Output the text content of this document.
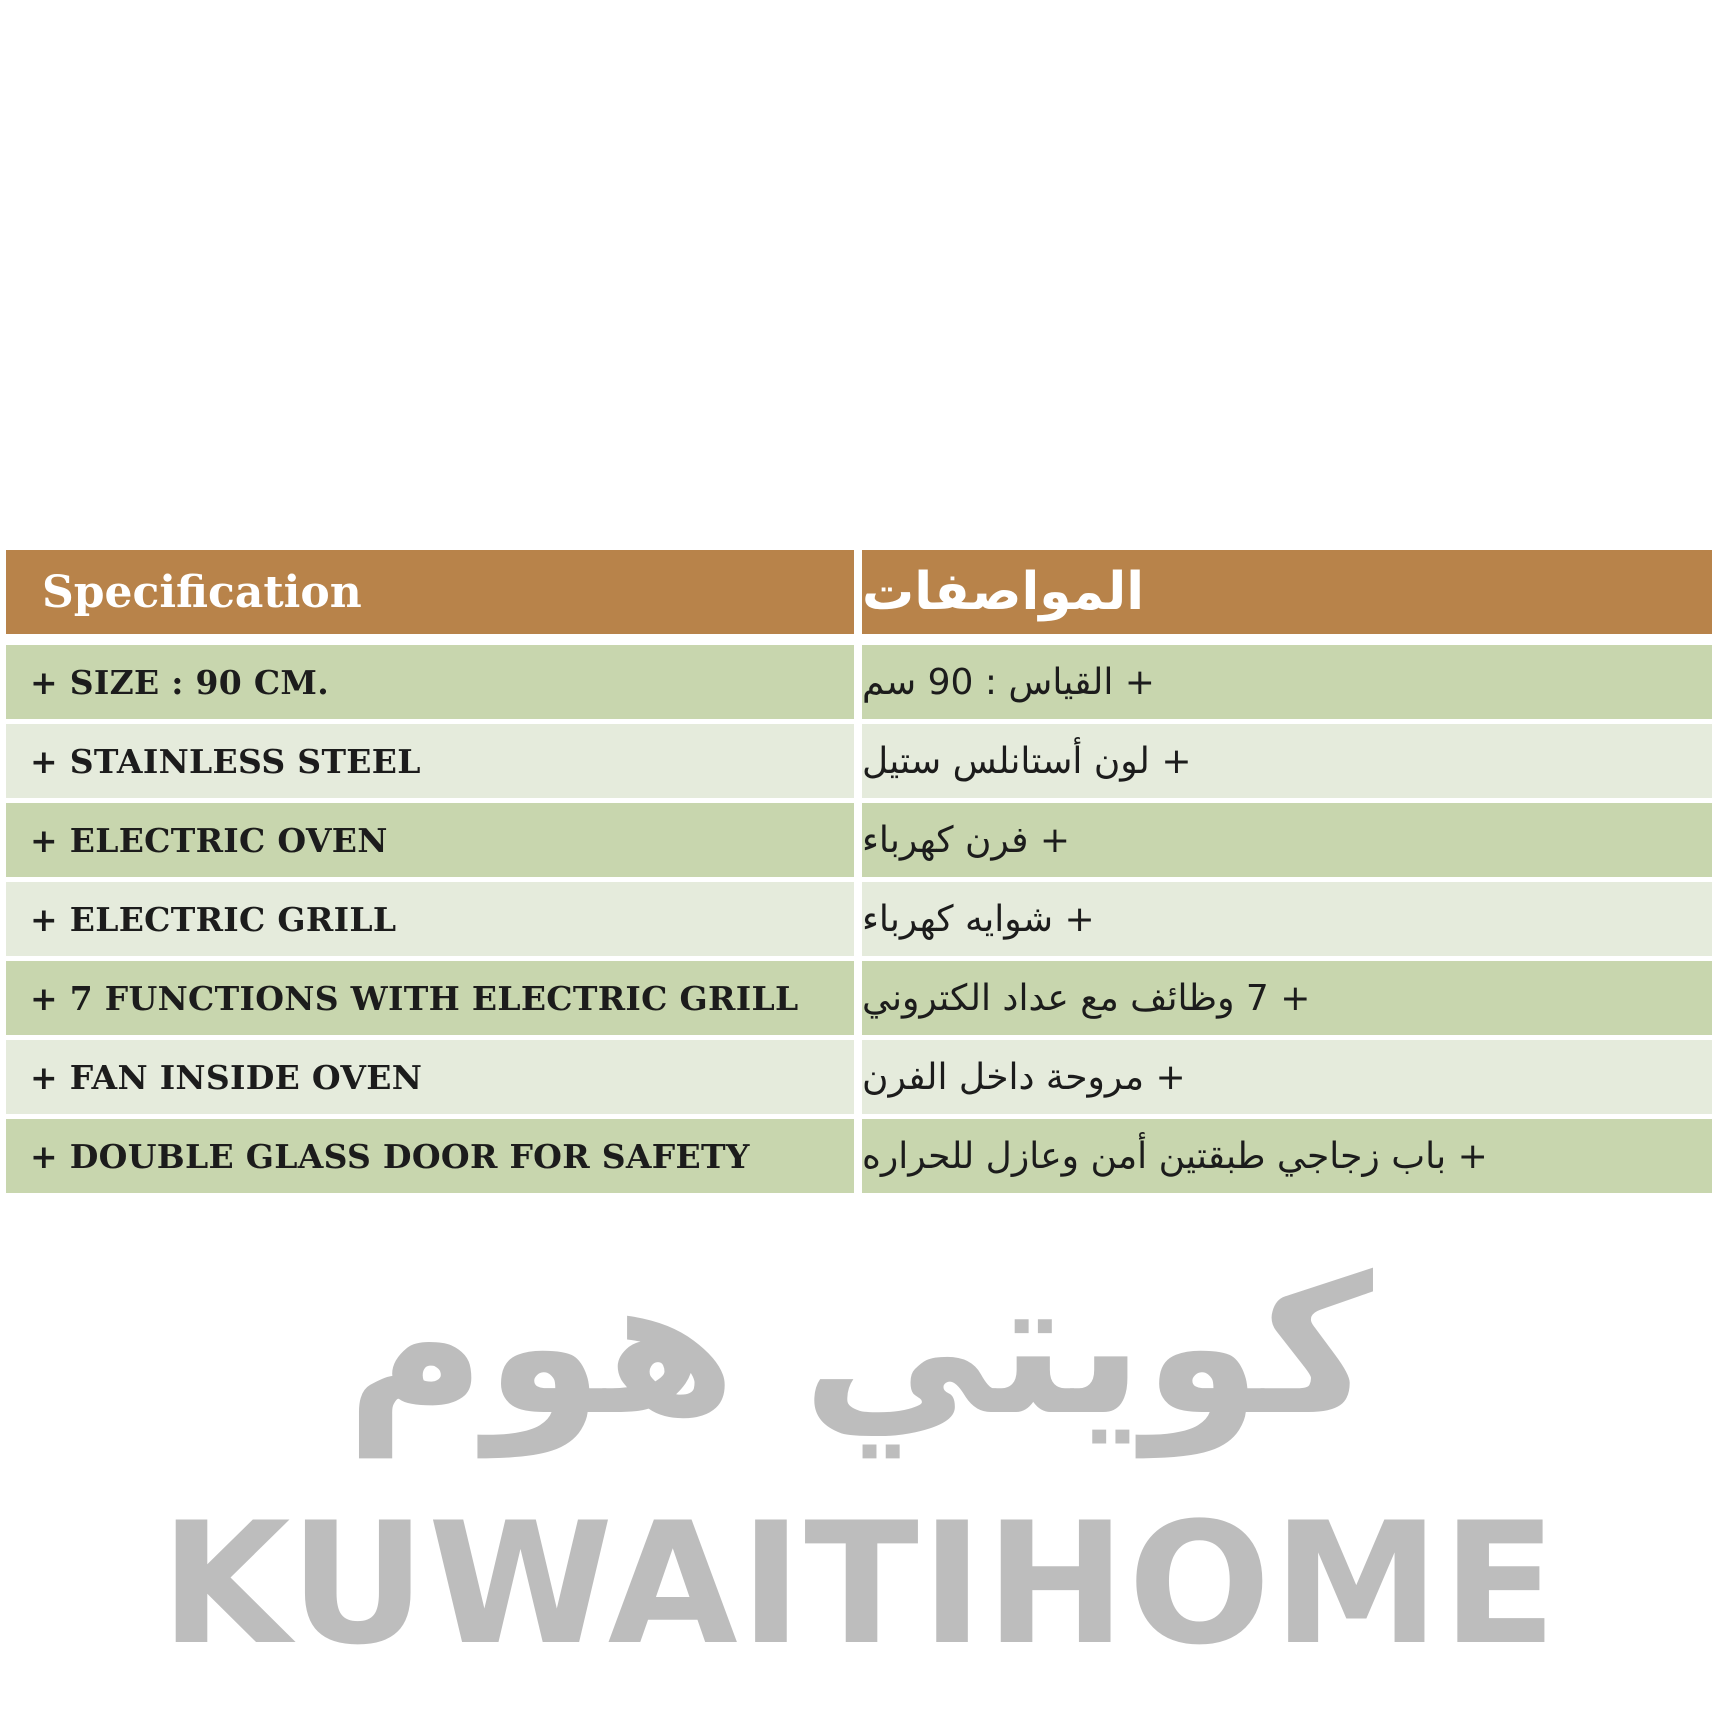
Specification	المواصفات
+ SIZE : 90 CM.	+ القياس : 90 سم
+ STAINLESS STEEL	+ لون أستانلس ستيل
+ ELECTRIC OVEN	+ فرن كهرباء
+ ELECTRIC GRILL	+ شوايه كهرباء
+ 7 FUNCTIONS WITH ELECTRIC GRILL	+ 7 وظائف مع عداد الكتروني
+ FAN INSIDE OVEN	+ مروحة داخل الفرن
+ DOUBLE GLASS DOOR FOR SAFETY	+ باب زجاجي طبقتين أمن وعازل للحراره
كويتي هوم
KUWAITIHOME
